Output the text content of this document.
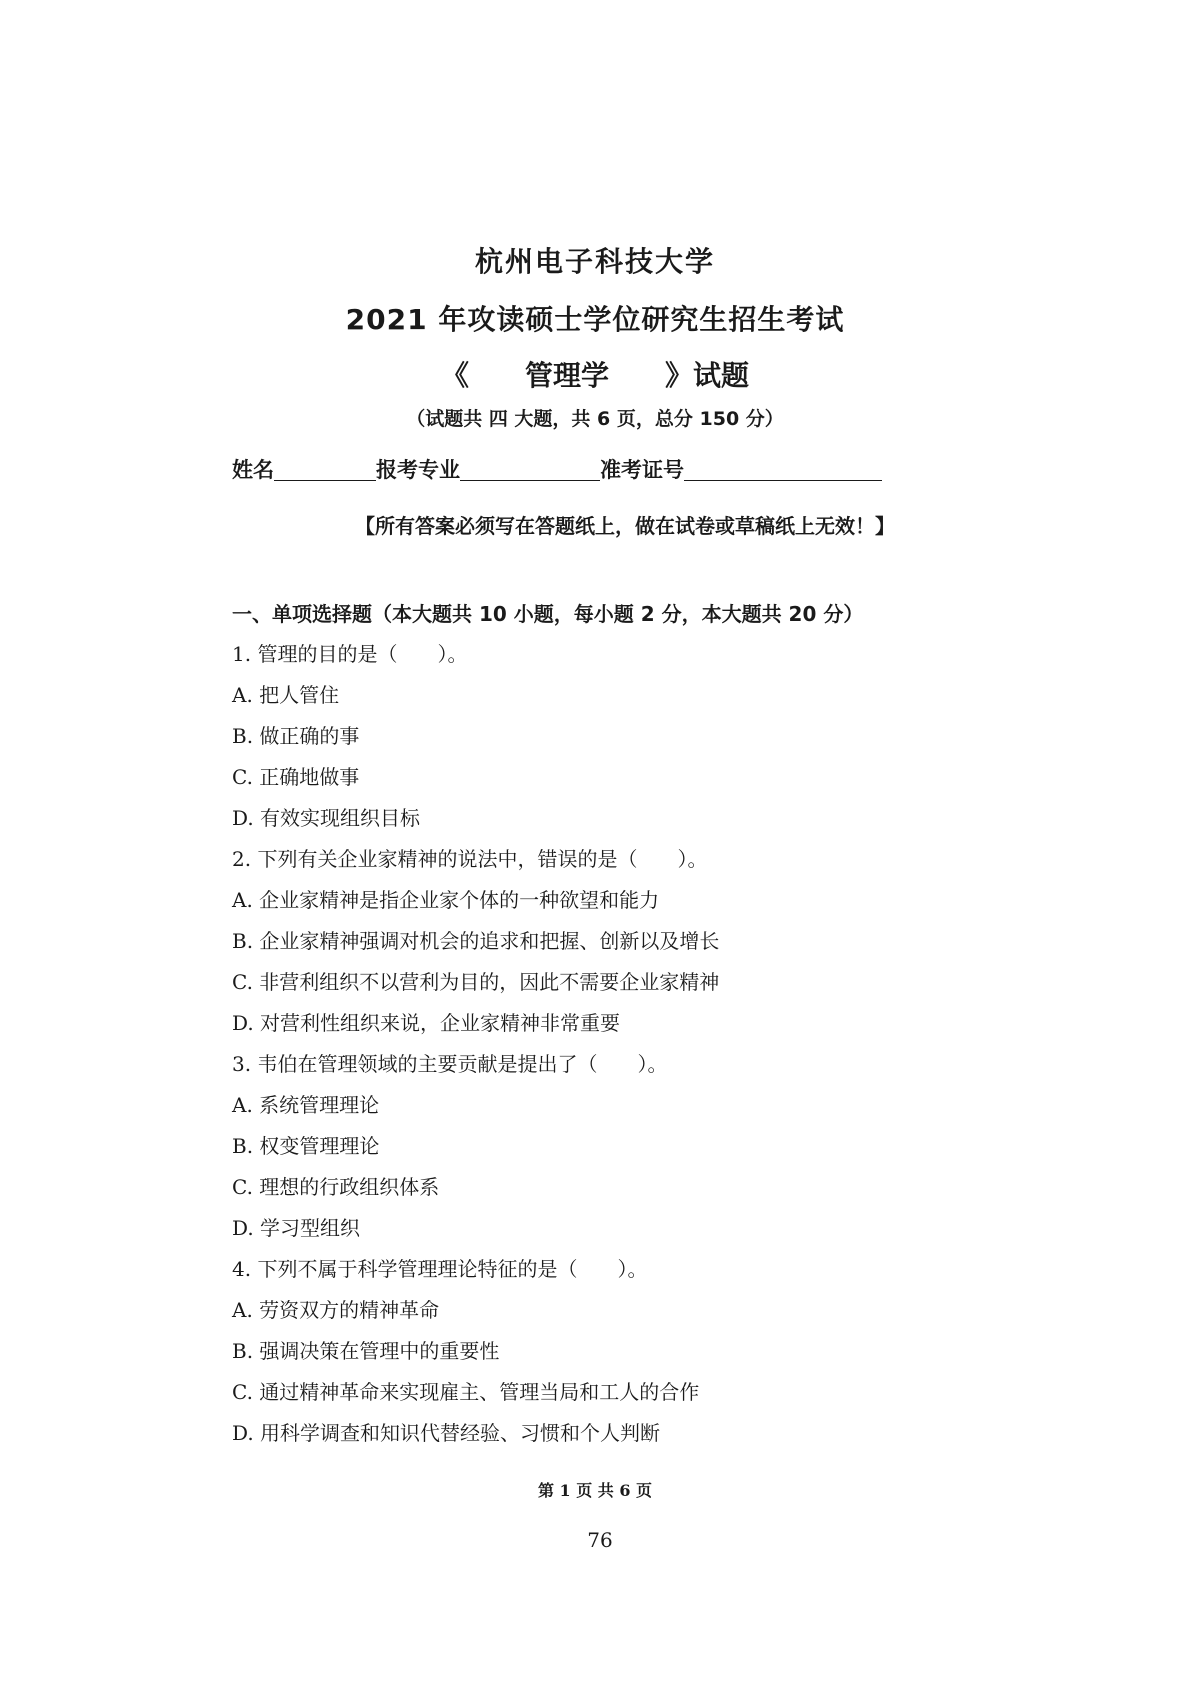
杭州电子科技大学
2021 年攻读硕士学位研究生招生考试
《 管理学 》试题
（试题共 四 大题，共 6 页，总分 150 分）
姓名	报考专业	准考证号
【所有答案必须写在答题纸上，做在试卷或草稿纸上无效！】
一、单项选择题（本大题共 10 小题，每小题 2 分，本大题共 20 分）
1. 管理的目的是（　　）。
A. 把人管住
B. 做正确的事
C. 正确地做事
D. 有效实现组织目标
2. 下列有关企业家精神的说法中，错误的是（　　）。
A. 企业家精神是指企业家个体的一种欲望和能力
B. 企业家精神强调对机会的追求和把握、创新以及增长
C. 非营利组织不以营利为目的，因此不需要企业家精神
D. 对营利性组织来说，企业家精神非常重要
3. 韦伯在管理领域的主要贡献是提出了（　　）。
A. 系统管理理论
B. 权变管理理论
C. 理想的行政组织体系
D. 学习型组织
4. 下列不属于科学管理理论特征的是（　　）。
A. 劳资双方的精神革命
B. 强调决策在管理中的重要性
C. 通过精神革命来实现雇主、管理当局和工人的合作
D. 用科学调查和知识代替经验、习惯和个人判断
第 1 页 共 6 页
76
